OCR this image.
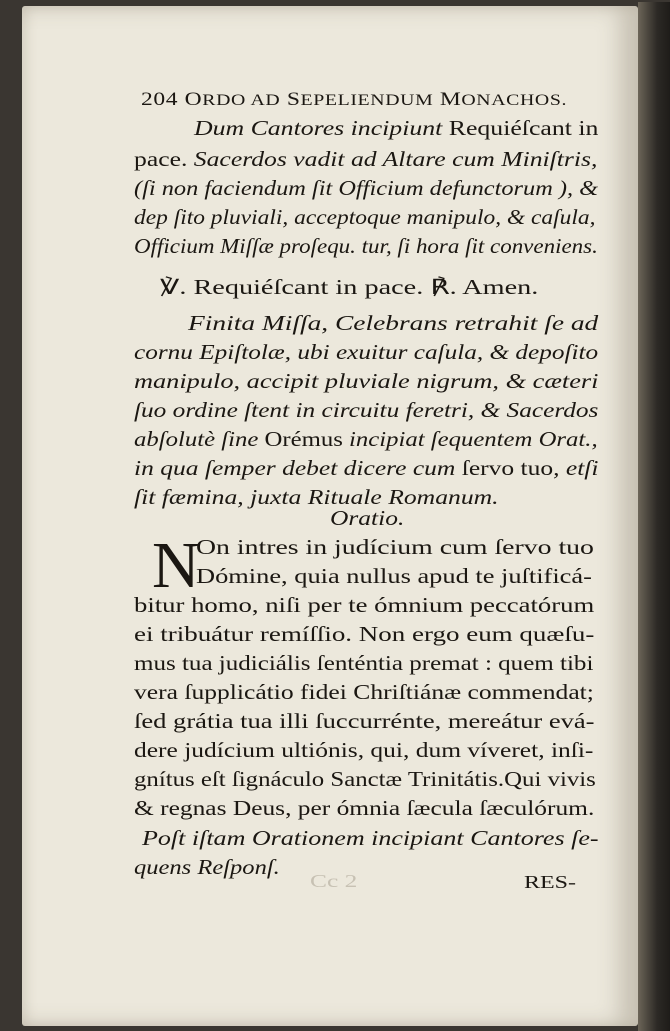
204 ORDO AD SEPELIENDUM MONACHOS.
Dum Cantores incipiunt Requiéſcant in
pace. Sacerdos vadit ad Altare cum Miniſtris,
(ſi non faciendum ſit Officium defunctorum ), &
dep ſito pluviali, acceptoque manipulo, & caſula,
Officium Miſſæ proſequ. tur, ſi hora ſit conveniens.
℣. Requiéſcant in pace. ℟. Amen.
Finita Miſſa, Celebrans retrahit ſe ad
cornu Epiſtolæ, ubi exuitur caſula, & depoſito
manipulo, accipit pluviale nigrum, & cæteri
ſuo ordine ſtent in circuitu feretri, & Sacerdos
abſolutè ſine Orémus incipiat ſequentem Orat.,
in qua ſemper debet dicere cum ſervo tuo, etſi
ſit fæmina, juxta Rituale Romanum.
Oratio.
On intres in judícium cum ſervo tuo
Dómine, quia nullus apud te juſtificá-
bitur homo, niſi per te ómnium peccatórum
ei tribuátur remíſſio. Non ergo eum quæſu-
mus tua judiciális ſenténtia premat : quem tibi
vera ſupplicátio fidei Chriſtiánæ commendat;
ſed grátia tua illi ſuccurrénte, mereátur evá-
dere judícium ultiónis, qui, dum víveret, inſi-
gnítus eſt ſignáculo Sanctæ Trinitátis.Qui vivis
& regnas Deus, per ómnia ſæcula ſæculórum.
Poſt iſtam Orationem incipiant Cantores ſe-
quens Reſponſ.
Cc 2	RES-
N
